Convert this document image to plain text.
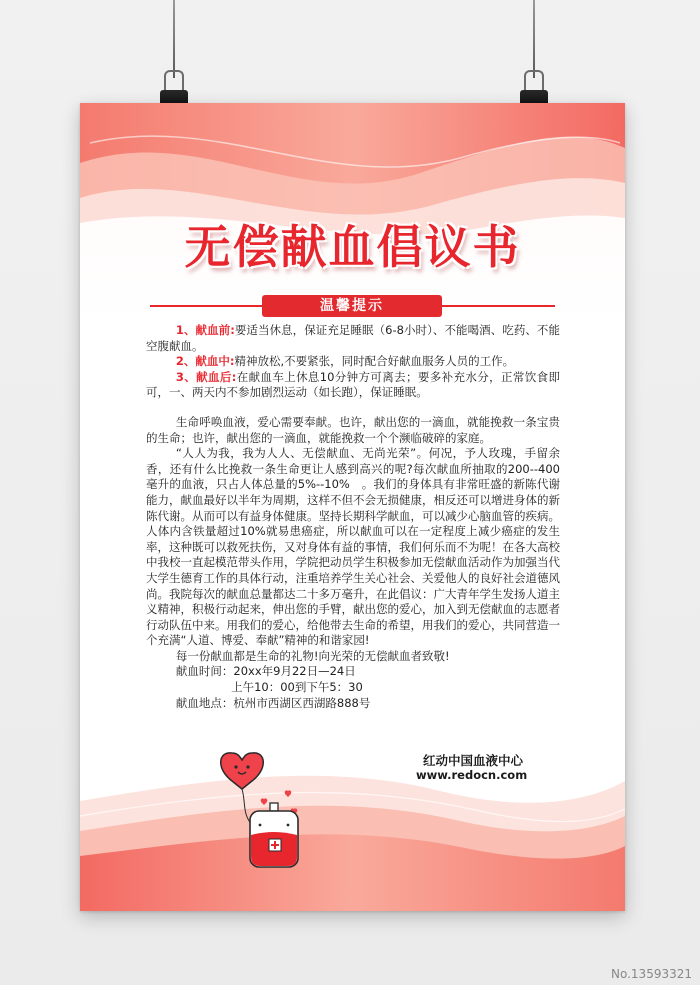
无偿献血倡议书
温馨提示

1、献血前:要适当休息，保证充足睡眠（6-8小时）、不能喝酒、吃药、不能空腹献血。

2、献血中:精神放松,不要紧张，同时配合好献血服务人员的工作。

3、献血后:在献血车上休息10分钟方可离去；要多补充水分，正常饮食即可，一、两天内不参加剧烈运动（如长跑），保证睡眠。

生命呼唤血液，爱心需要奉献。也许，献出您的一滴血，就能挽救一条宝贵的生命；也许，献出您的一滴血，就能挽救一个个濒临破碎的家庭。

“人人为我，我为人人、无偿献血、无尚光荣”。何况，予人玫瑰，手留余香，还有什么比挽救一条生命更让人感到高兴的呢?每次献血所抽取的200--400毫升的血液，只占人体总量的5%--10%　。我们的身体具有非常旺盛的新陈代谢能力，献血最好以半年为周期，这样不但不会无损健康，相反还可以增进身体的新陈代谢。从而可以有益身体健康。坚持长期科学献血，可以减少心脑血管的疾病。人体内含铁量超过10%就易患癌症，所以献血可以在一定程度上减少癌症的发生率，这种既可以救死扶伤，又对身体有益的事情，我们何乐而不为呢！在各大高校中我校一直起模范带头作用，学院把动员学生积极参加无偿献血活动作为加强当代大学生德育工作的具体行动，注重培养学生关心社会、关爱他人的良好社会道德风尚。我院每次的献血总量都达二十多万毫升，在此倡议：广大青年学生发扬人道主义精神，积极行动起来，伸出您的手臂，献出您的爱心，加入到无偿献血的志愿者行动队伍中来。用我们的爱心，给他带去生命的希望，用我们的爱心，共同营造一个充满“人道、博爱、奉献”精神的和谐家园!

每一份献血都是生命的礼物!向光荣的无偿献血者致敬!

献血时间：20xx年9月22日—24日

上午10：00到下午5：30

献血地点：杭州市西湖区西湖路888号

红动中国血液中心
www.redocn.com
No.13593321
